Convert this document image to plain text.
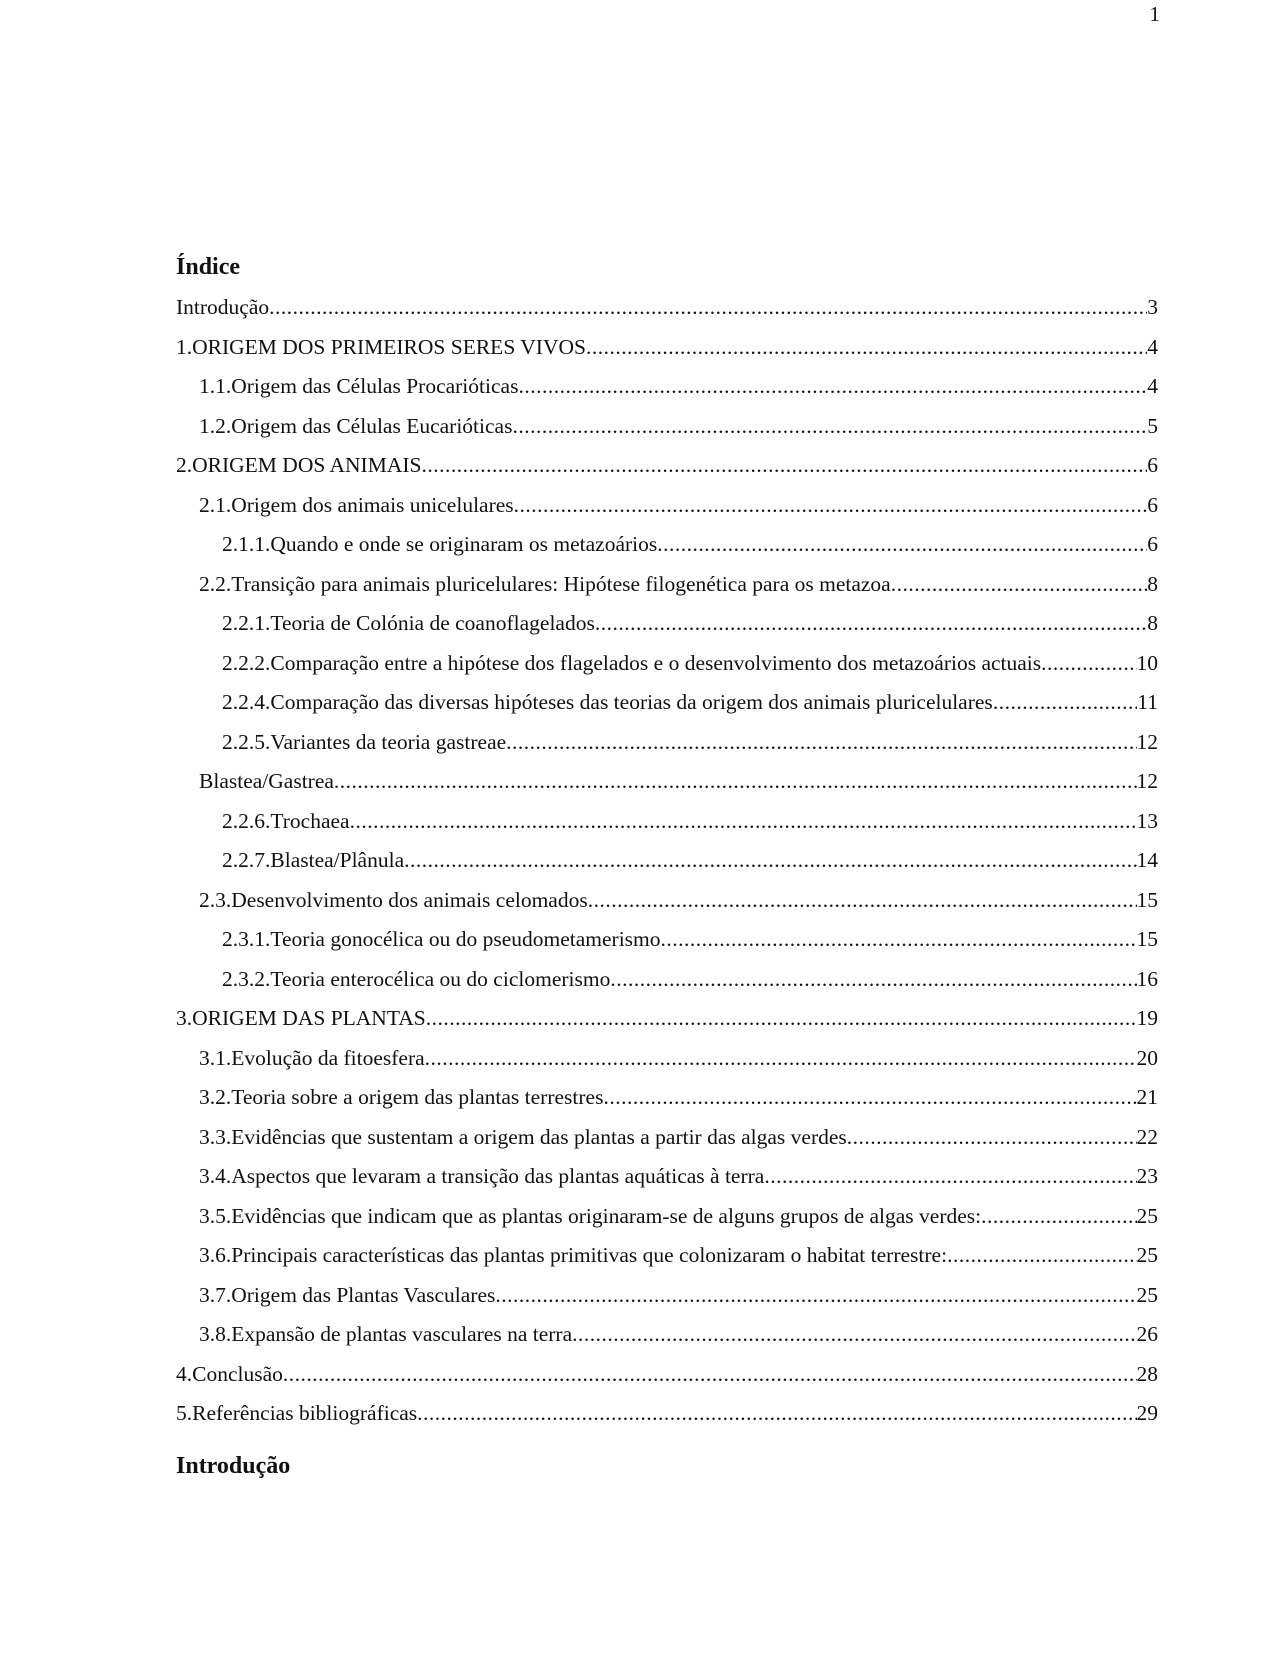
1
Índice
Introdução .....	3
1.ORIGEM DOS PRIMEIROS SERES VIVOS .....	4
1.1.Origem das Células Procarióticas .....	4
1.2.Origem das Células Eucarióticas .....	5
2.ORIGEM DOS ANIMAIS .....	6
2.1.Origem dos animais unicelulares .....	6
2.1.1.Quando e onde se originaram os metazoários .....	6
2.2.Transição para animais pluricelulares: Hipótese filogenética para os metazoa .....	8
2.2.1.Teoria de Colónia de coanoflagelados .....	8
2.2.2.Comparação entre a hipótese dos flagelados e o desenvolvimento dos metazoários actuais .....	10
2.2.4.Comparação das diversas hipóteses das teorias da origem dos animais pluricelulares .....	11
2.2.5.Variantes da teoria gastreae .....	12
Blastea/Gastrea .....	12
2.2.6.Trochaea .....	13
2.2.7.Blastea/Plânula .....	14
2.3.Desenvolvimento dos animais celomados .....	15
2.3.1.Teoria gonocélica ou do pseudometamerismo .....	15
2.3.2.Teoria enterocélica ou do ciclomerismo .....	16
3.ORIGEM DAS PLANTAS .....	19
3.1.Evolução da fitoesfera .....	20
3.2.Teoria sobre a origem das plantas terrestres .....	21
3.3.Evidências que sustentam a origem das plantas a partir das algas verdes .....	22
3.4.Aspectos que levaram a transição das plantas aquáticas à terra .....	23
3.5.Evidências que indicam que as plantas originaram-se de alguns grupos de algas verdes: .....	25
3.6.Principais características das plantas primitivas que colonizaram o habitat terrestre: .....	25
3.7.Origem das Plantas Vasculares .....	25
3.8.Expansão de plantas vasculares na terra .....	26
4.Conclusão .....	28
5.Referências bibliográficas .....	29
Introdução
